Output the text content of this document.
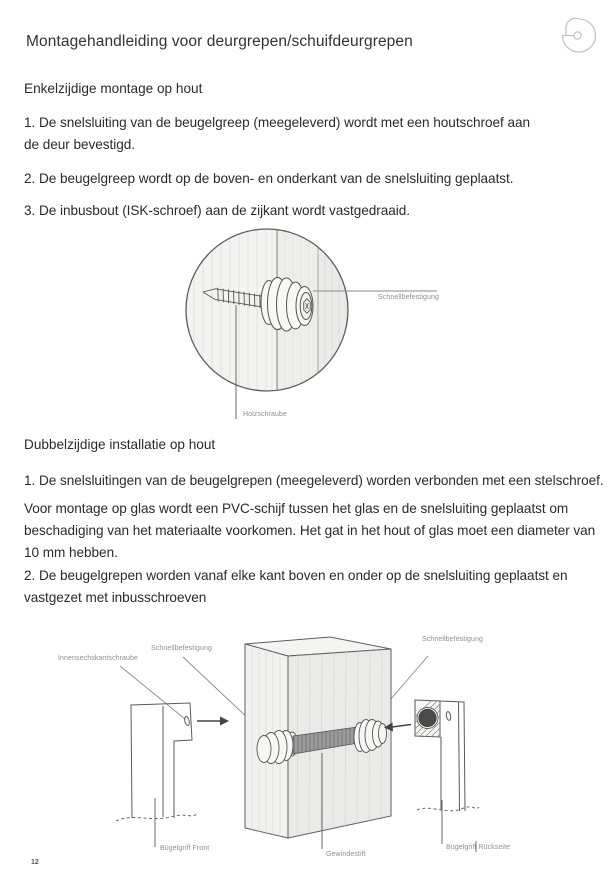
Montagehandleiding voor deurgrepen/schuifdeurgrepen
Enkelzijdige montage op hout
1. De snelsluiting van de beugelgreep (meegeleverd) wordt met een houtschroef aan
de deur bevestigd.
2. De beugelgreep wordt op de boven- en onderkant van de snelsluiting geplaatst.
3. De inbusbout (ISK-schroef) aan de zijkant wordt vastgedraaid.
Schnellbefestigung
Holzschraube
Dubbelzijdige installatie op hout
1. De snelsluitingen van de beugelgrepen (meegeleverd) worden verbonden met een stelschroef.
Voor montage op glas wordt een PVC-schijf tussen het glas en de snelsluiting geplaatst om
beschadiging van het materiaalte voorkomen. Het gat in het hout of glas moet een diameter van
10 mm hebben.
2. De beugelgrepen worden vanaf elke kant boven en onder op de snelsluiting geplaatst en
vastgezet met inbusschroeven
Innensechskantschraube
Schnellbefestigung
Schnellbefestigung
Bügelgriff Front
Gewindestift
Bügelgriff Rückseite
12
